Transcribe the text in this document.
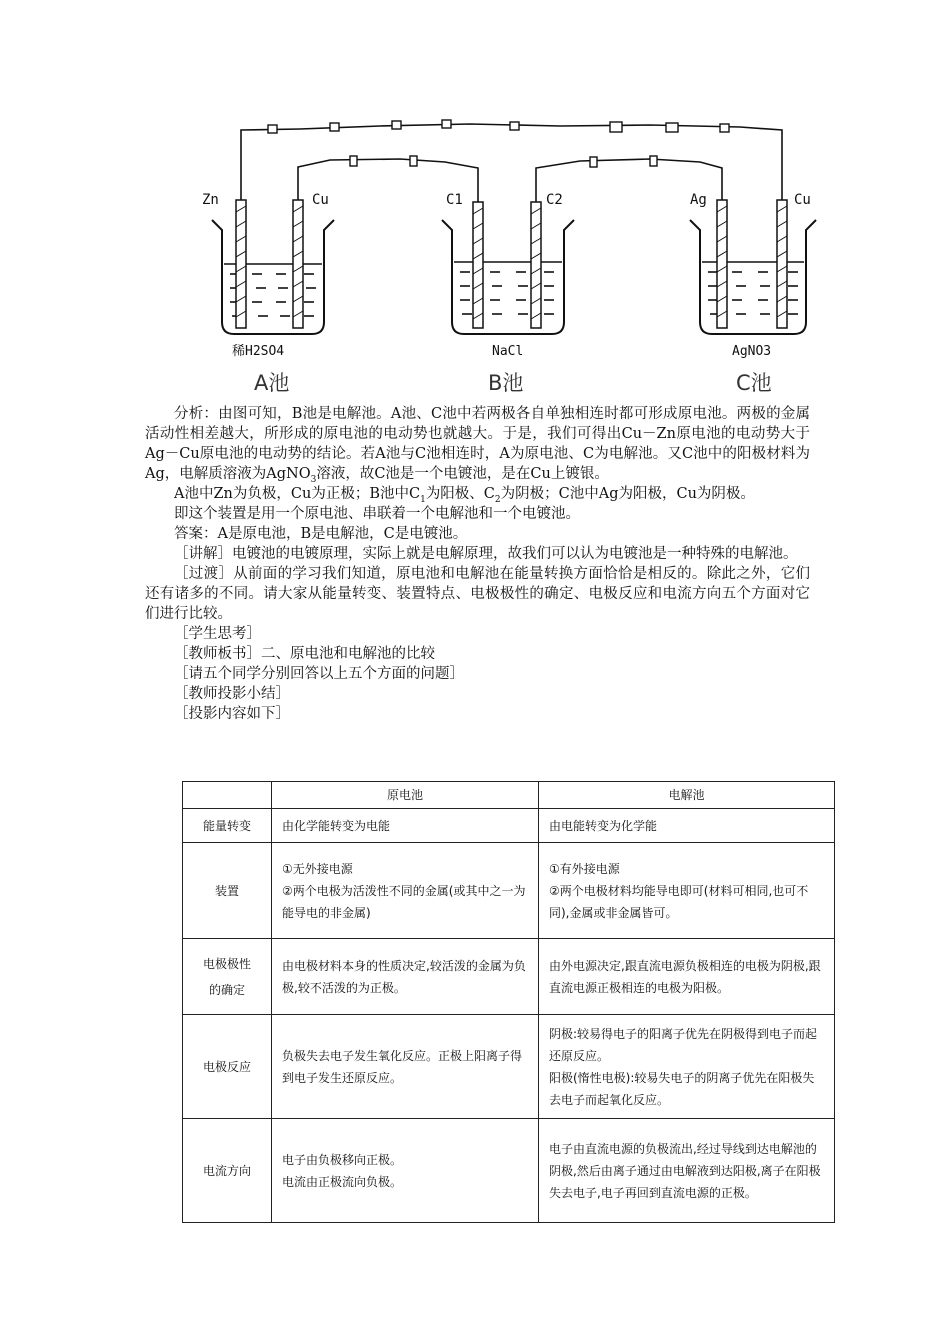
Zn	Cu	C1	C2	Ag	Cu
稀H2SO4	NaCl	AgNO3
A池	B池	C池

分析：由图可知，B池是电解池。A池、C池中若两极各自单独相连时都可形成原电池。两极的金属活动性相差越大，所形成的原电池的电动势也就越大。于是，我们可得出Cu－Zn原电池的电动势大于Ag－Cu原电池的电动势的结论。若A池与C池相连时，A为原电池、C为电解池。又C池中的阳极材料为Ag，电解质溶液为AgNO$_3$溶液，故C池是一个电镀池，是在Cu上镀银。

A池中Zn为负极，Cu为正极；B池中$C_1$为阳极、$C_2$为阴极；C池中Ag为阳极，Cu为阴极。

即这个装置是用一个原电池、串联着一个电解池和一个电镀池。

答案：A是原电池，B是电解池，C是电镀池。

［讲解］电镀池的电镀原理，实际上就是电解原理，故我们可以认为电镀池是一种特殊的电解池。

［过渡］从前面的学习我们知道，原电池和电解池在能量转换方面恰恰是相反的。除此之外，它们还有诸多的不同。请大家从能量转变、装置特点、电极极性的确定、电极反应和电流方向五个方面对它们进行比较。

［学生思考］

［教师板书］二、原电池和电解池的比较

［请五个同学分别回答以上五个方面的问题］

［教师投影小结］

［投影内容如下］

	原电池	电解池

能量转变	由化学能转变为电能	由电能转变为化学能

装置	①无外接电源
②两个电极为活泼性不同的金属(或其中之一为能导电的非金属)	①有外接电源
②两个电极材料均能导电即可(材料可相同,也可不同),金属或非金属皆可。

电极极性
的确定	由电极材料本身的性质决定,较活泼的金属为负极,较不活泼的为正极。	由外电源决定,跟直流电源负极相连的电极为阴极,跟直流电源正极相连的电极为阳极。

电极反应	负极失去电子发生氧化反应。正极上阳离子得到电子发生还原反应。	阴极:较易得电子的阳离子优先在阴极得到电子而起还原反应。
阳极(惰性电极):较易失电子的阴离子优先在阳极失去电子而起氧化反应。

电流方向	电子由负极移向正极。
电流由正极流向负极。	电子由直流电源的负极流出,经过导线到达电解池的阴极,然后由离子通过由电解液到达阳极,离子在阳极失去电子,电子再回到直流电源的正极。
